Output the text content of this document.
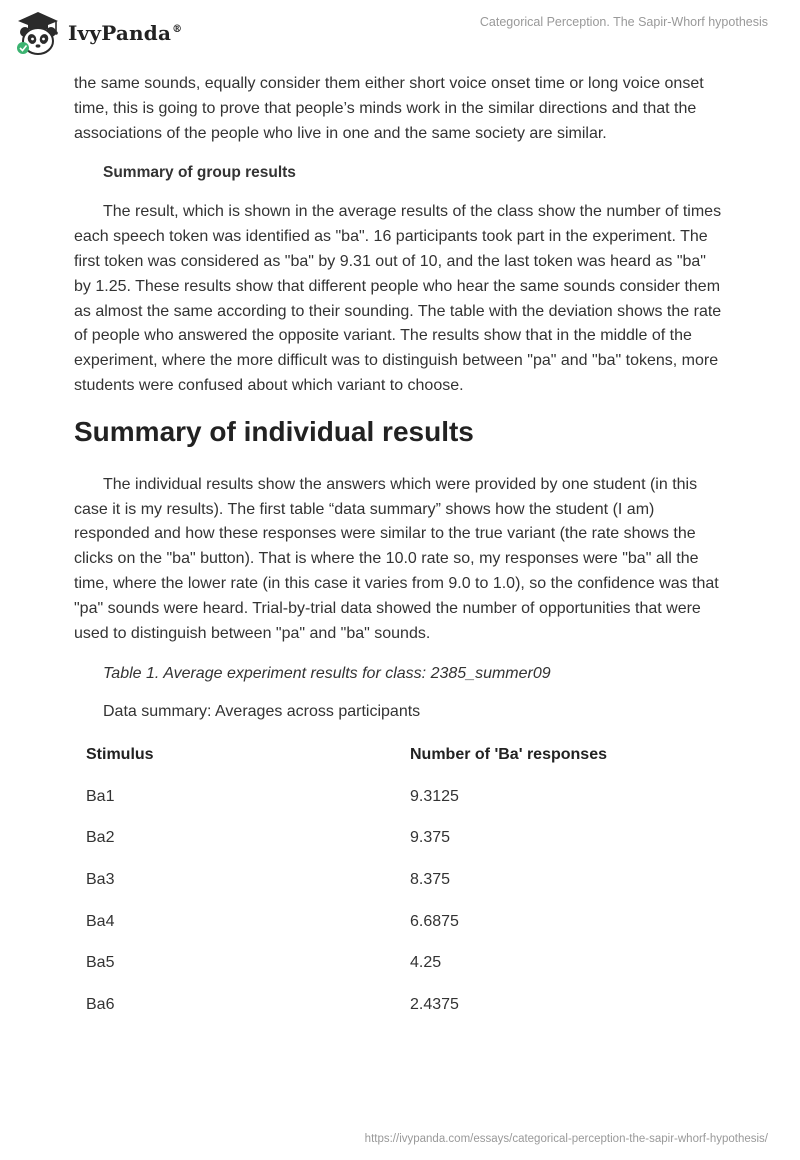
IvyPanda®
Categorical Perception. The Sapir-Whorf hypothesis

the same sounds, equally consider them either short voice onset time or long voice onset time, this is going to prove that people’s minds work in the similar directions and that the associations of the people who live in one and the same society are similar.

Summary of group results

The result, which is shown in the average results of the class show the number of times each speech token was identified as "ba". 16 participants took part in the experiment. The first token was considered as "ba" by 9.31 out of 10, and the last token was heard as "ba" by 1.25. These results show that different people who hear the same sounds consider them as almost the same according to their sounding. The table with the deviation shows the rate of people who answered the opposite variant. The results show that in the middle of the experiment, where the more difficult was to distinguish between "pa" and "ba" tokens, more students were confused about which variant to choose.

Summary of individual results

The individual results show the answers which were provided by one student (in this case it is my results). The first table “data summary” shows how the student (I am) responded and how these responses were similar to the true variant (the rate shows the clicks on the "ba" button). That is where the 10.0 rate so, my responses were "ba" all the time, where the lower rate (in this case it varies from 9.0 to 1.0), so the confidence was that "pa" sounds were heard. Trial-by-trial data showed the number of opportunities that were used to distinguish between "pa" and "ba" sounds.

Table 1. Average experiment results for class: 2385_summer09
Data summary: Averages across participants
Stimulus	Number of 'Ba' responses
Ba1	9.3125
Ba2	9.375
Ba3	8.375
Ba4	6.6875
Ba5	4.25
Ba6	2.4375
https://ivypanda.com/essays/categorical-perception-the-sapir-whorf-hypothesis/
